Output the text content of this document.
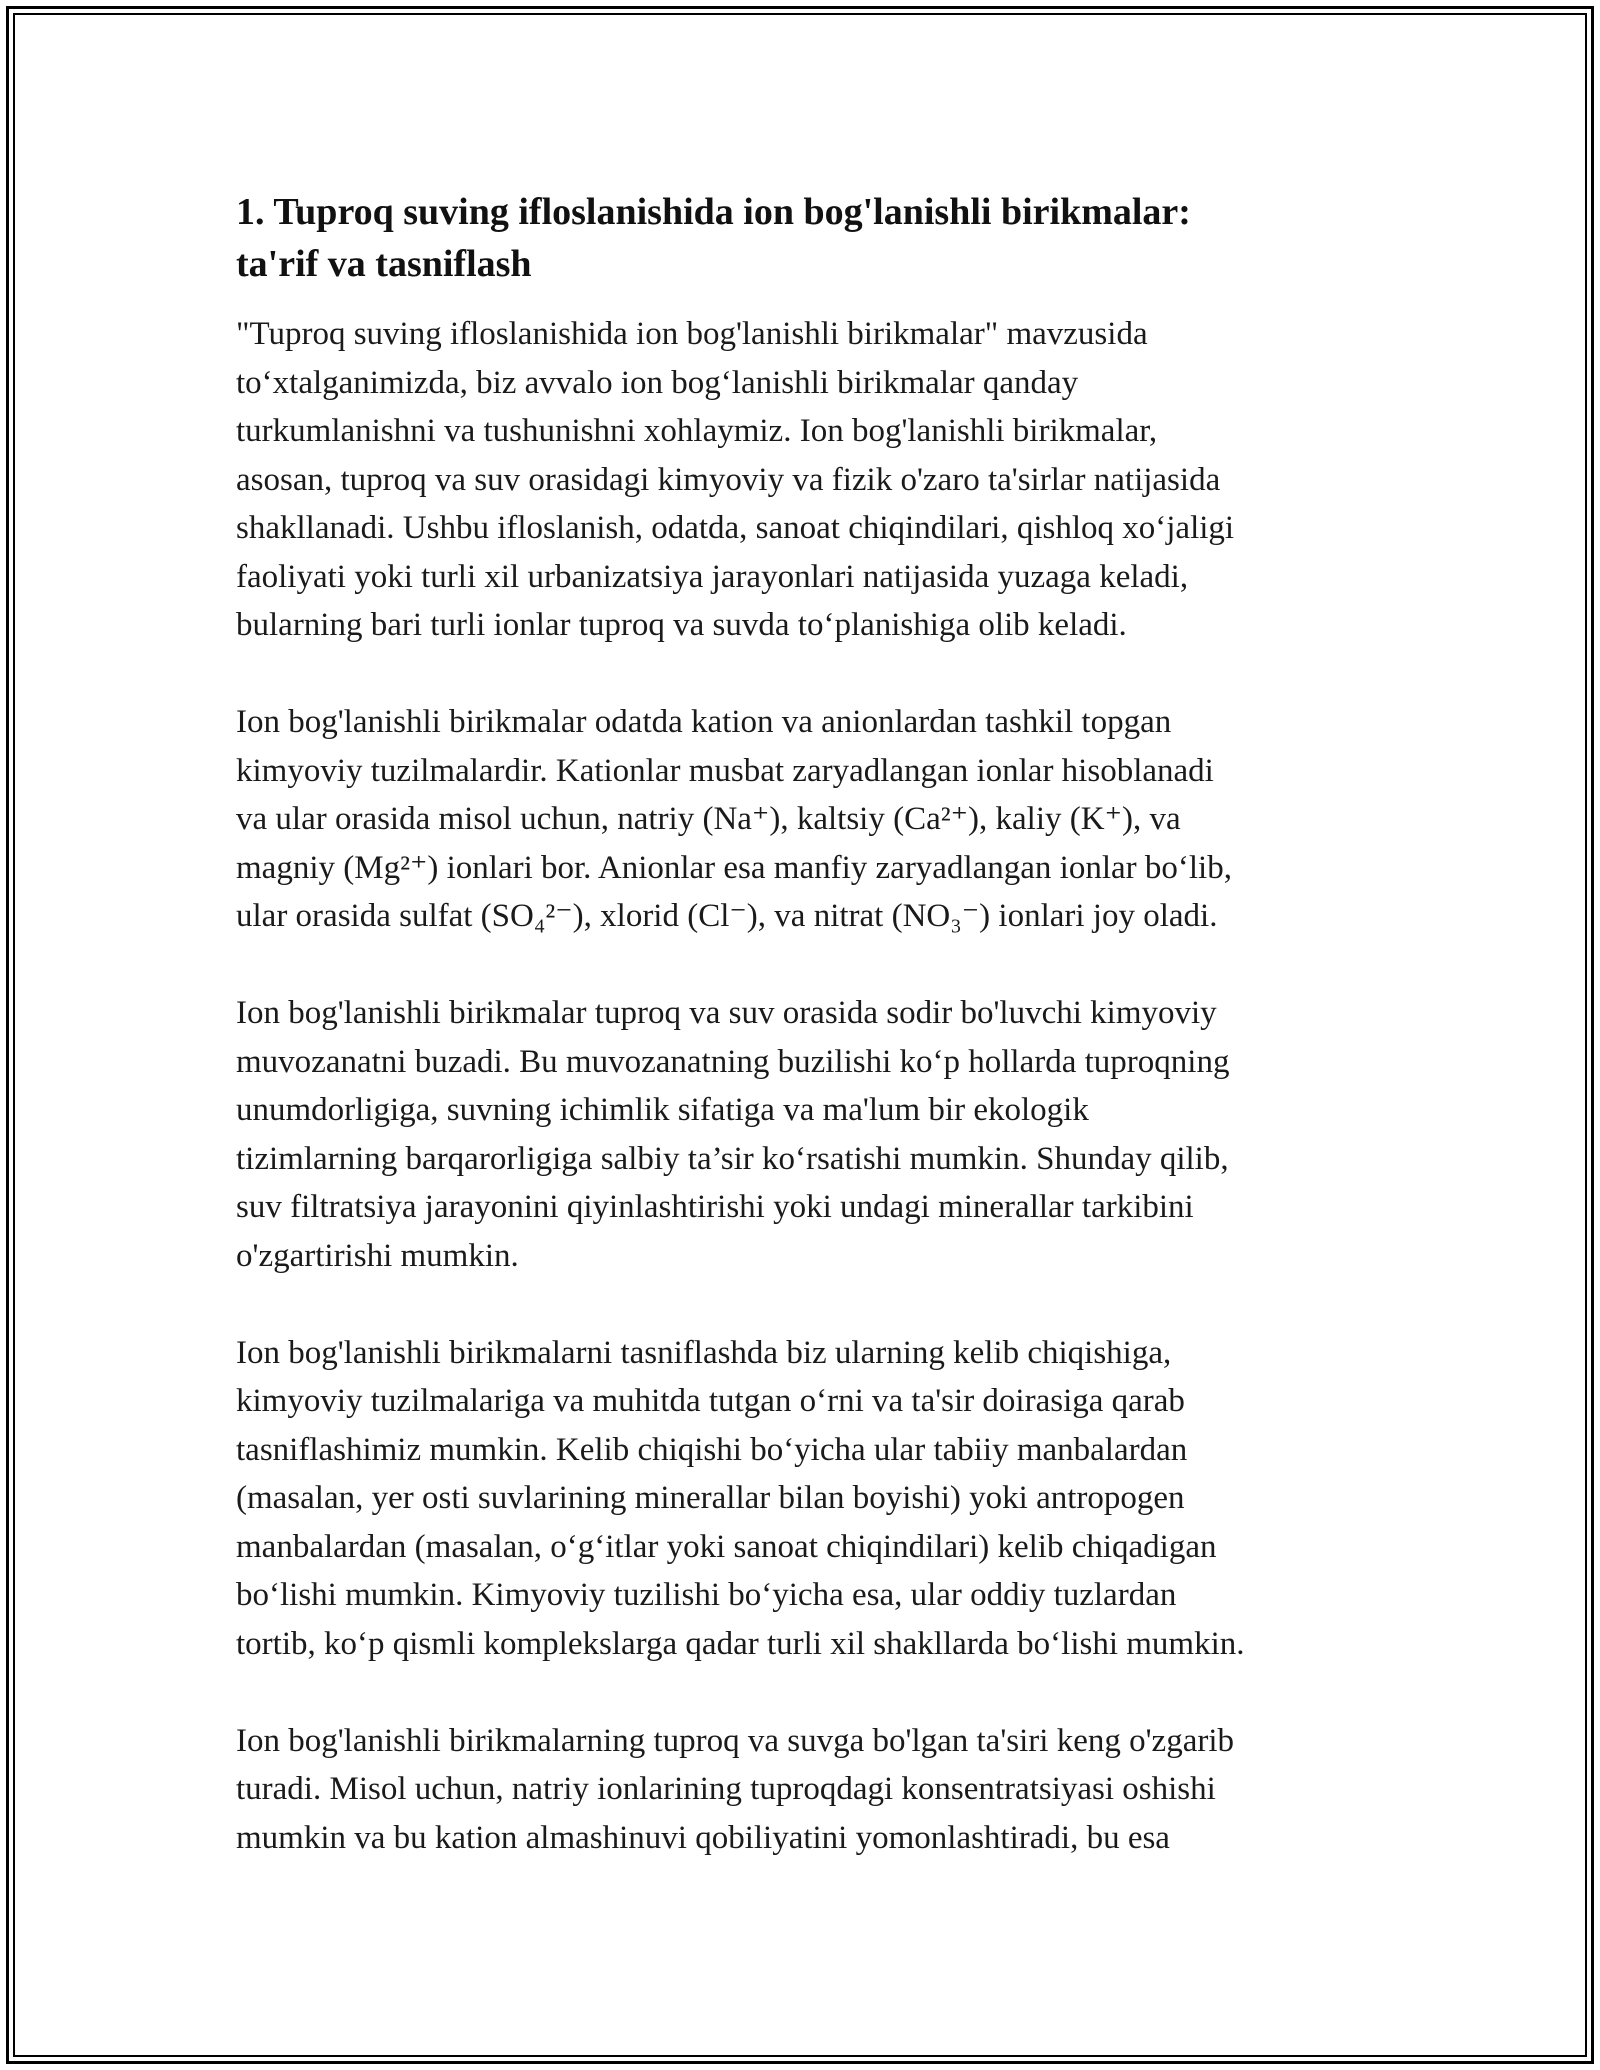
1. Tuproq suving ifloslanishida ion bog'lanishli birikmalar:
ta'rif va tasniflash
"Tuproq suving ifloslanishida ion bog'lanishli birikmalar" mavzusida
to‘xtalganimizda, biz avvalo ion bog‘lanishli birikmalar qanday
turkumlanishni va tushunishni xohlaymiz. Ion bog'lanishli birikmalar,
asosan, tuproq va suv orasidagi kimyoviy va fizik o'zaro ta'sirlar natijasida
shakllanadi. Ushbu ifloslanish, odatda, sanoat chiqindilari, qishloq xo‘jaligi
faoliyati yoki turli xil urbanizatsiya jarayonlari natijasida yuzaga keladi,
bularning bari turli ionlar tuproq va suvda to‘planishiga olib keladi.
Ion bog'lanishli birikmalar odatda kation va anionlardan tashkil topgan
kimyoviy tuzilmalardir. Kationlar musbat zaryadlangan ionlar hisoblanadi
va ular orasida misol uchun, natriy (Na⁺), kaltsiy (Ca²⁺), kaliy (K⁺), va
magniy (Mg²⁺) ionlari bor. Anionlar esa manfiy zaryadlangan ionlar bo‘lib,
ular orasida sulfat (SO₄²⁻), xlorid (Cl⁻), va nitrat (NO₃⁻) ionlari joy oladi.
Ion bog'lanishli birikmalar tuproq va suv orasida sodir bo'luvchi kimyoviy
muvozanatni buzadi. Bu muvozanatning buzilishi ko‘p hollarda tuproqning
unumdorligiga, suvning ichimlik sifatiga va ma'lum bir ekologik
tizimlarning barqarorligiga salbiy ta’sir ko‘rsatishi mumkin. Shunday qilib,
suv filtratsiya jarayonini qiyinlashtirishi yoki undagi minerallar tarkibini
o'zgartirishi mumkin.
Ion bog'lanishli birikmalarni tasniflashda biz ularning kelib chiqishiga,
kimyoviy tuzilmalariga va muhitda tutgan o‘rni va ta'sir doirasiga qarab
tasniflashimiz mumkin. Kelib chiqishi bo‘yicha ular tabiiy manbalardan
(masalan, yer osti suvlarining minerallar bilan boyishi) yoki antropogen
manbalardan (masalan, o‘g‘itlar yoki sanoat chiqindilari) kelib chiqadigan
bo‘lishi mumkin. Kimyoviy tuzilishi bo‘yicha esa, ular oddiy tuzlardan
tortib, ko‘p qismli komplekslarga qadar turli xil shakllarda bo‘lishi mumkin.
Ion bog'lanishli birikmalarning tuproq va suvga bo'lgan ta'siri keng o'zgarib
turadi. Misol uchun, natriy ionlarining tuproqdagi konsentratsiyasi oshishi
mumkin va bu kation almashinuvi qobiliyatini yomonlashtiradi, bu esa
